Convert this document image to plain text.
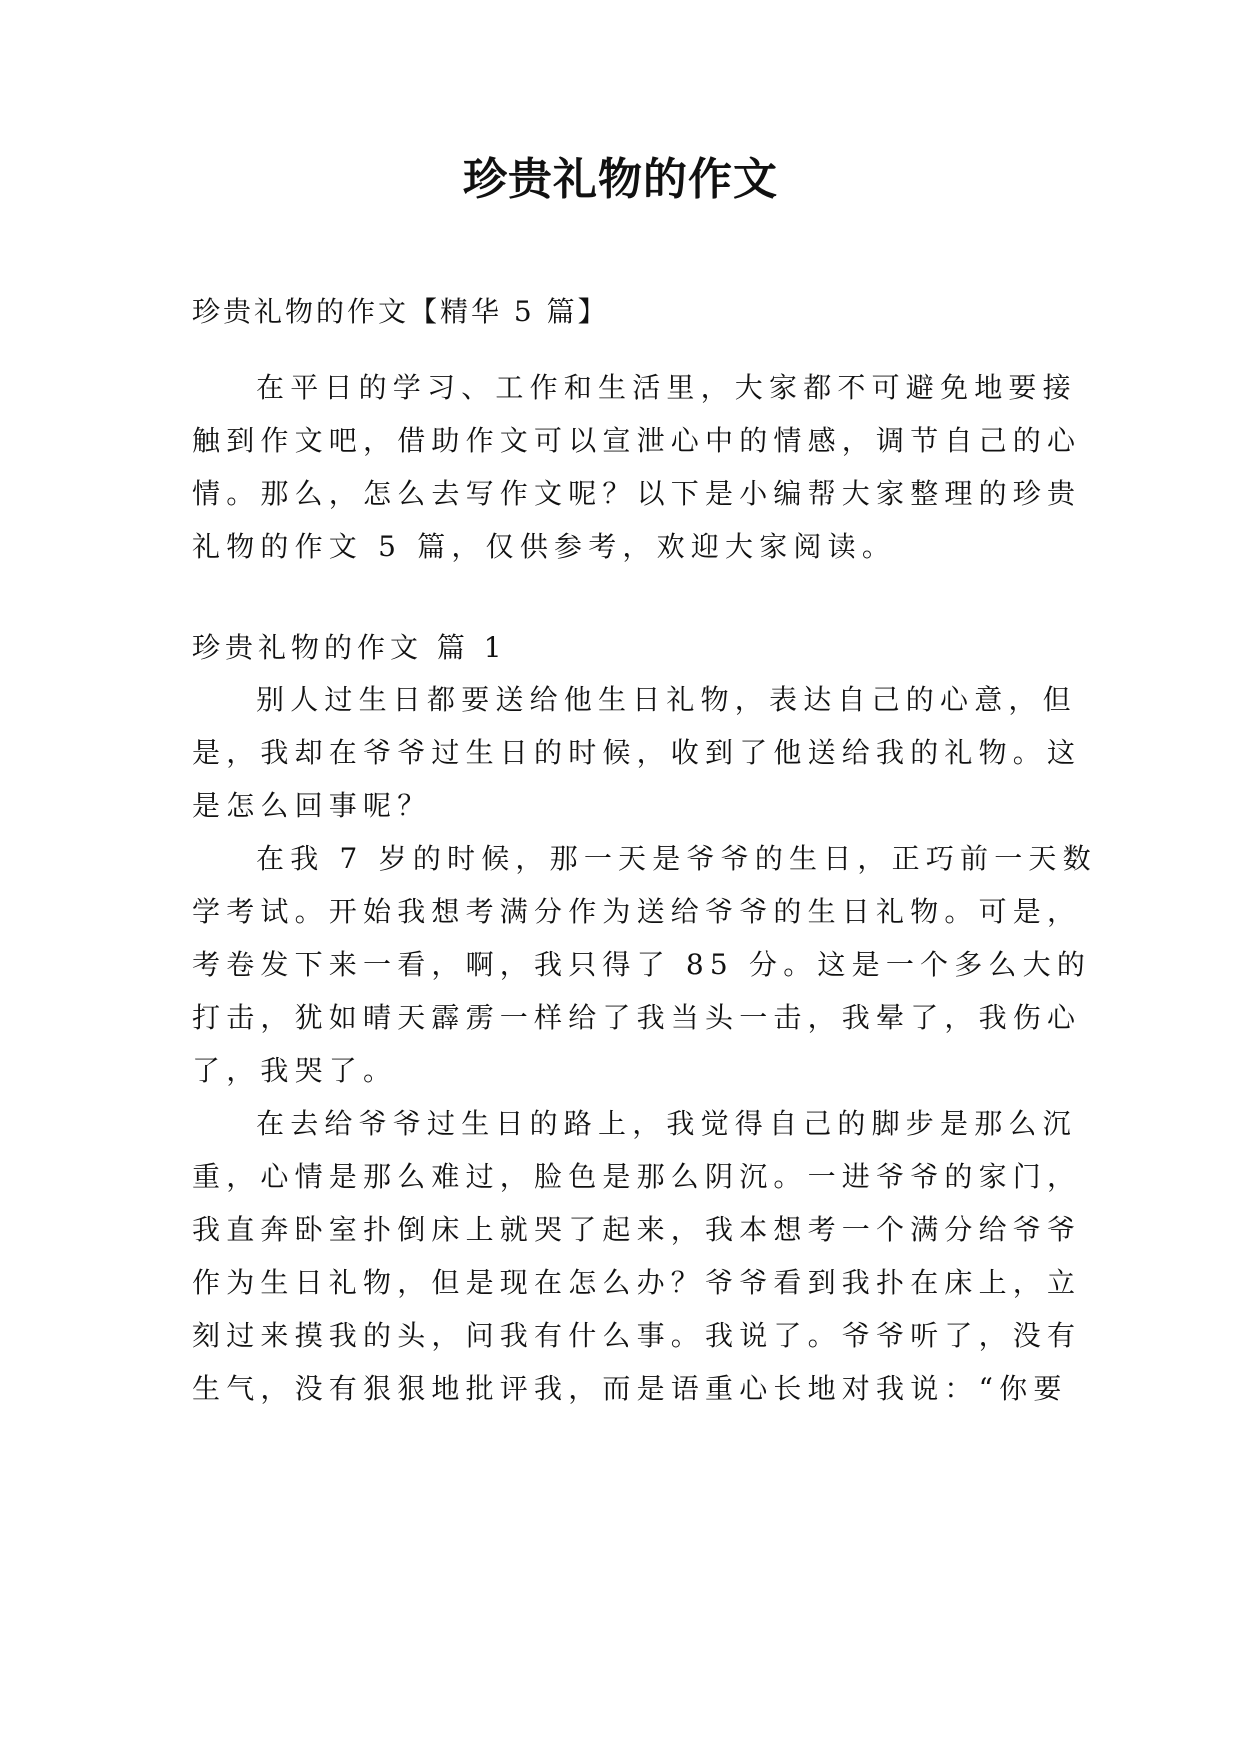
珍贵礼物的作文
珍贵礼物的作文【精华 5 篇】
在平日的学习、工作和生活里，大家都不可避免地要接
触到作文吧，借助作文可以宣泄心中的情感，调节自己的心
情。那么，怎么去写作文呢？以下是小编帮大家整理的珍贵
礼物的作文 5 篇，仅供参考，欢迎大家阅读。
珍贵礼物的作文 篇 1
别人过生日都要送给他生日礼物，表达自己的心意，但
是，我却在爷爷过生日的时候，收到了他送给我的礼物。这
是怎么回事呢？
在我 7 岁的时候，那一天是爷爷的生日，正巧前一天数
学考试。开始我想考满分作为送给爷爷的生日礼物。可是，
考卷发下来一看，啊，我只得了 85 分。这是一个多么大的
打击，犹如晴天霹雳一样给了我当头一击，我晕了，我伤心
了，我哭了。
在去给爷爷过生日的路上，我觉得自己的脚步是那么沉
重，心情是那么难过，脸色是那么阴沉。一进爷爷的家门，
我直奔卧室扑倒床上就哭了起来，我本想考一个满分给爷爷
作为生日礼物，但是现在怎么办？爷爷看到我扑在床上，立
刻过来摸我的头，问我有什么事。我说了。爷爷听了，没有
生气，没有狠狠地批评我，而是语重心长地对我说：“你要
